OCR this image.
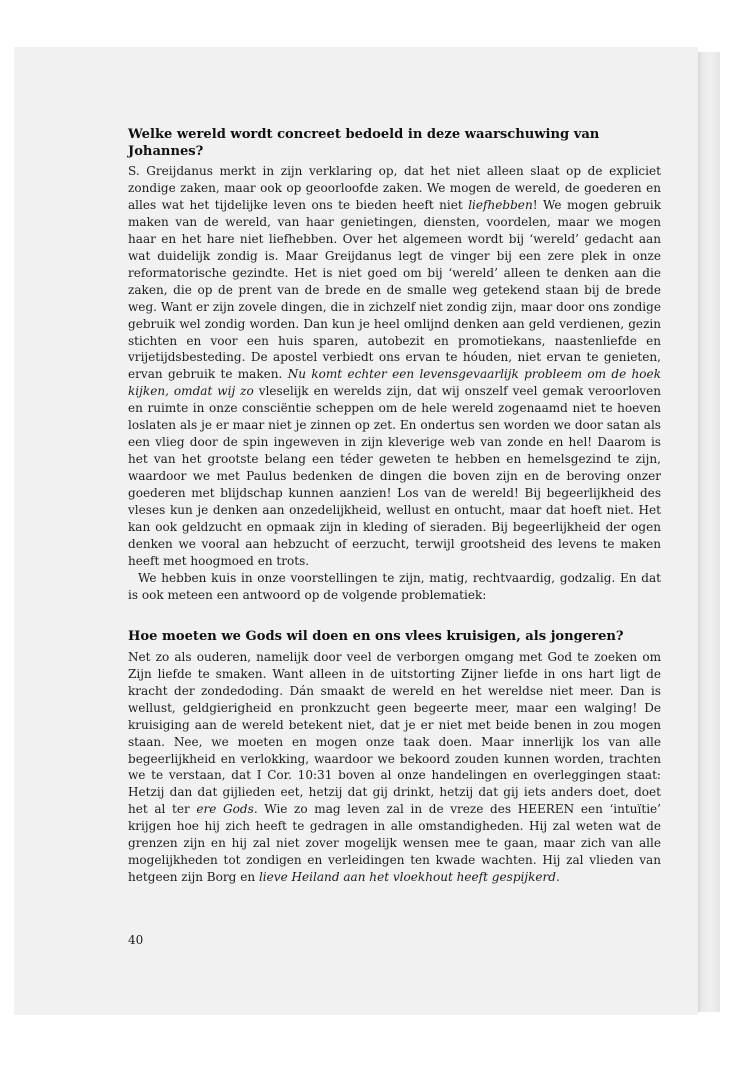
Welke wereld wordt concreet bedoeld in deze waarschuwing van Johannes?

S. Greijdanus merkt in zijn verklaring op, dat het niet alleen slaat op de expliciet zondige zaken, maar ook op geoorloofde zaken. We mogen de wereld, de goederen en alles wat het tijdelijke leven ons te bieden heeft niet liefhebben! We mogen gebruik maken van de wereld, van haar genietingen, diensten, voordelen, maar we mogen haar en het hare niet liefhebben. Over het algemeen wordt bij ‘wereld’ gedacht aan wat duidelijk zondig is. Maar Greijdanus legt de vinger bij een zere plek in onze reformatorische gezindte. Het is niet goed om bij ‘wereld’ alleen te denken aan die zaken, die op de prent van de brede en de smalle weg getekend staan bij de brede weg. Want er zijn zovele dingen, die in zichzelf niet zondig zijn, maar door ons zondige gebruik wel zondig worden. Dan kun je heel omlijnd denken aan geld verdienen, gezin stichten en voor een huis sparen, autobezit en promotiekans, naastenliefde en vrijetijdsbesteding. De apostel verbiedt ons ervan te hóuden, niet ervan te genieten, ervan gebruik te maken. Nu komt echter een levensgevaarlijk probleem om de hoek kijken, omdat wij zo vleselijk en werelds zijn, dat wij onszelf veel gemak veroorloven en ruimte in onze consciëntie scheppen om de hele wereld zogenaamd niet te hoeven loslaten als je er maar niet je zinnen op zet. En ondertus sen worden we door satan als een vlieg door de spin ingeweven in zijn kleverige web van zonde en hel! Daarom is het van het grootste belang een téder geweten te hebben en hemelsgezind te zijn, waardoor we met Paulus bedenken de dingen die boven zijn en de beroving onzer goederen met blijdschap kunnen aanzien! Los van de wereld! Bij begeerlijkheid des vleses kun je denken aan onzedelijkheid, wellust en ontucht, maar dat hoeft niet. Het kan ook geldzucht en opmaak zijn in kleding of sieraden. Bij begeerlijkheid der ogen denken we vooral aan hebzucht of eerzucht, terwijl grootsheid des levens te maken heeft met hoogmoed en trots.

We hebben kuis in onze voorstellingen te zijn, matig, rechtvaardig, godzalig. En dat is ook meteen een antwoord op de volgende problematiek:

Hoe moeten we Gods wil doen en ons vlees kruisigen, als jongeren?

Net zo als ouderen, namelijk door veel de verborgen omgang met God te zoeken om Zijn liefde te smaken. Want alleen in de uitstorting Zijner liefde in ons hart ligt de kracht der zondedoding. Dán smaakt de wereld en het wereldse niet meer. Dan is wellust, geldgierigheid en pronkzucht geen begeerte meer, maar een walging! De kruisiging aan de wereld betekent niet, dat je er niet met beide benen in zou mogen staan. Nee, we moeten en mogen onze taak doen. Maar innerlijk los van alle begeerlijkheid en verlokking, waardoor we bekoord zouden kunnen worden, trachten we te verstaan, dat I Cor. 10:31 boven al onze handelingen en overleggingen staat: Hetzij dan dat gijlieden eet, hetzij dat gij drinkt, hetzij dat gij iets anders doet, doet het al ter ere Gods. Wie zo mag leven zal in de vreze des HEEREN een ‘intuïtie’ krijgen hoe hij zich heeft te gedragen in alle omstandigheden. Hij zal weten wat de grenzen zijn en hij zal niet zover mogelijk wensen mee te gaan, maar zich van alle mogelijkheden tot zondigen en verleidingen ten kwade wachten. Hij zal vlieden van hetgeen zijn Borg en lieve Heiland aan het vloekhout heeft gespijkerd.

40
